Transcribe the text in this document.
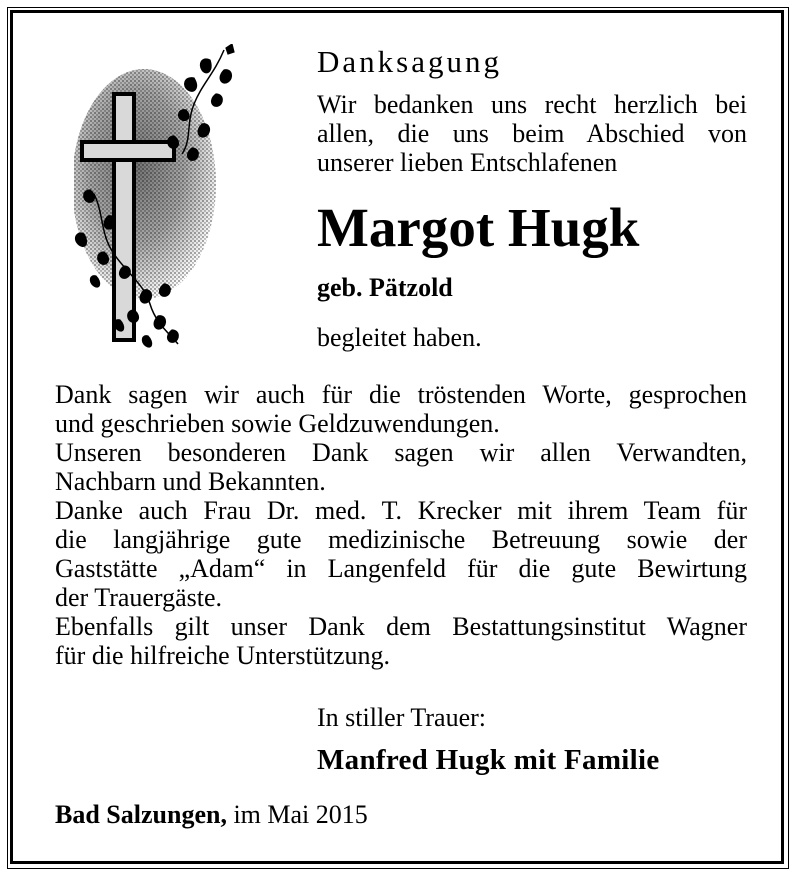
Danksagung

Wir bedanken uns recht herzlich bei
allen, die uns beim Abschied von
unserer lieben Entschlafenen

Margot Hugk

geb. Pätzold

begleitet haben.

Dank sagen wir auch für die tröstenden Worte, gesprochen
und geschrieben sowie Geldzuwendungen.
Unseren besonderen Dank sagen wir allen Verwandten,
Nachbarn und Bekannten.
Danke auch Frau Dr. med. T. Krecker mit ihrem Team für
die langjährige gute medizinische Betreuung sowie der
Gaststätte „Adam“ in Langenfeld für die gute Bewirtung
der Trauergäste.
Ebenfalls gilt unser Dank dem Bestattungsinstitut Wagner
für die hilfreiche Unterstützung.

In stiller Trauer:

Manfred Hugk mit Familie

Bad Salzungen, im Mai 2015
